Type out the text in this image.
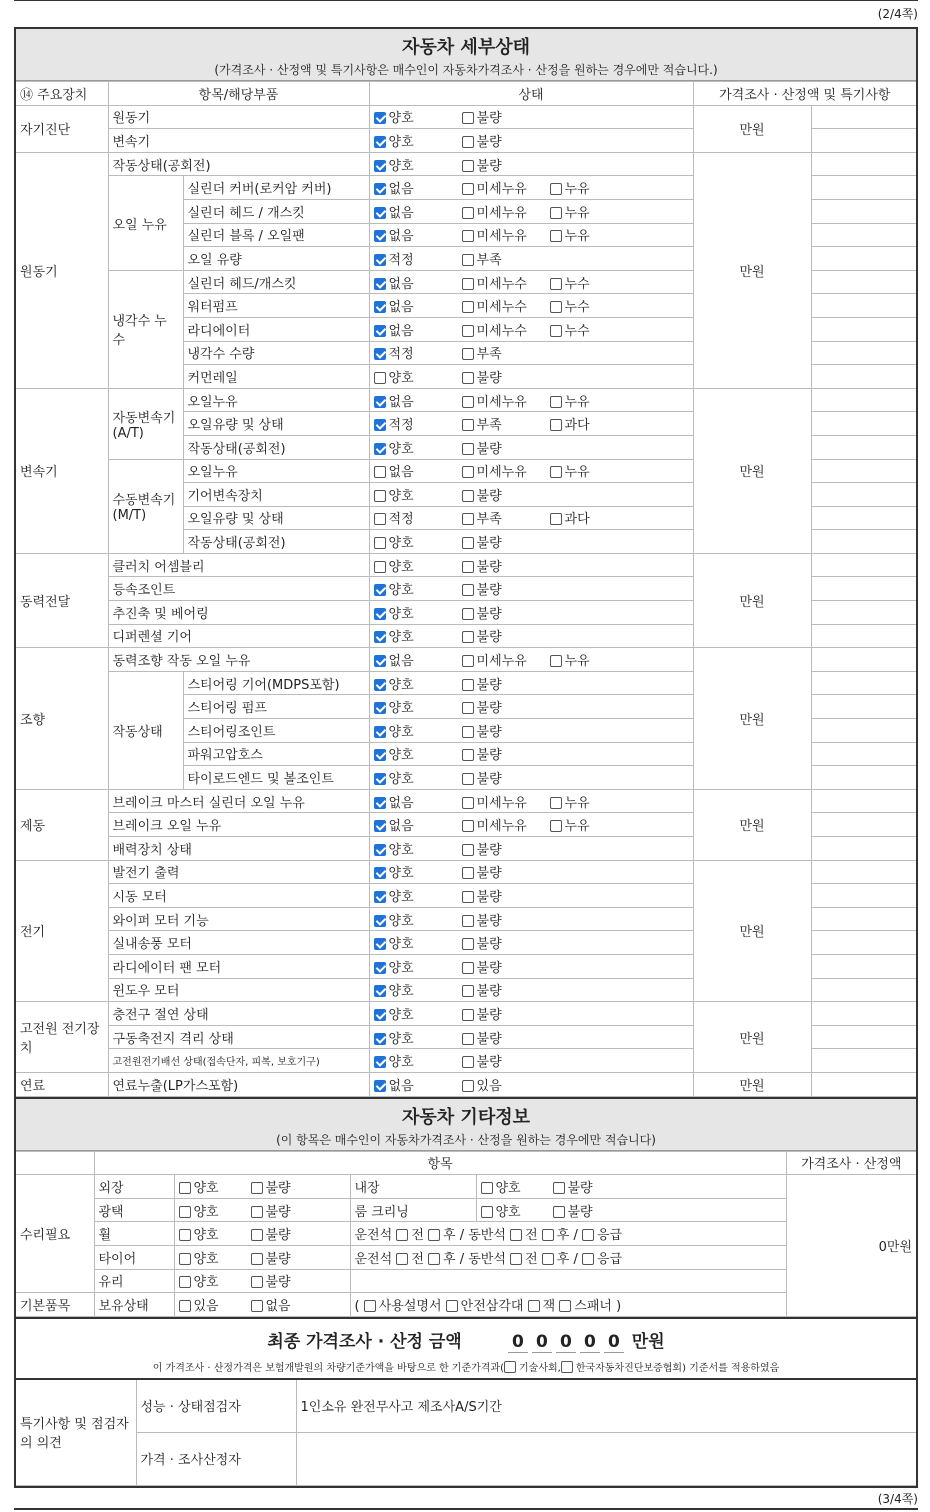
(2/4쪽)
자동차 세부상태
(가격조사 · 산정액 및 특기사항은 매수인이 자동차가격조사 · 산정을 원하는 경우에만 적습니다.)
⑭ 주요장치	항목/해당부품		상태	가격조사 · 산정액 및 특기사항	
자기진단	원동기		양호 불량	만원	
	변속기		양호 불량		
원동기	작동상태(공회전)		양호 불량	만원	
	오일 누유	실린더 커버(로커암 커버)	없음 미세누유 누유		
		실린더 헤드 / 개스킷	없음 미세누유 누유		
		실린더 블록 / 오일팬	없음 미세누유 누유		
		오일 유량	적정 부족		
	냉각수 누수	실린더 헤드/개스킷	없음 미세누수 누수		
		워터펌프	없음 미세누수 누수		
		라디에이터	없음 미세누수 누수		
		냉각수 수량	적정 부족		
		커먼레일	양호 불량		
변속기	자동변속기 (A/T)	오일누유	없음 미세누유 누유	만원	
		오일유량 및 상태	적정 부족 과다		
		작동상태(공회전)	양호 불량		
	수동변속기 (M/T)	오일누유	없음 미세누유 누유		
		기어변속장치	양호 불량		
		오일유량 및 상태	적정 부족 과다		
		작동상태(공회전)	양호 불량		
동력전달	클러치 어셈블리		양호 불량	만원	
	등속조인트		양호 불량		
	추진축 및 베어링		양호 불량		
	디퍼렌셜 기어		양호 불량		
조향	동력조향 작동 오일 누유		없음 미세누유 누유	만원	
	작동상태	스티어링 기어(MDPS포함)	양호 불량		
		스티어링 펌프	양호 불량		
		스티어링조인트	양호 불량		
		파워고압호스	양호 불량		
		타이로드엔드 및 볼조인트	양호 불량		
제동	브레이크 마스터 실린더 오일 누유		없음 미세누유 누유	만원	
	브레이크 오일 누유		없음 미세누유 누유		
	배력장치 상태		양호 불량		
전기	발전기 출력		양호 불량	만원	
	시동 모터		양호 불량		
	와이퍼 모터 기능		양호 불량		
	실내송풍 모터		양호 불량		
	라디에이터 팬 모터		양호 불량		
	윈도우 모터		양호 불량		
고전원 전기장치	충전구 절연 상태		양호 불량	만원	
	구동축전지 격리 상태		양호 불량		
	고전원전기배선 상태(접속단자, 피복, 보호기구)		양호 불량		
연료	연료누출(LP가스포함)		없음 있음	만원	
자동차 기타정보
(이 항목은 매수인이 자동차가격조사 · 산정을 원하는 경우에만 적습니다)
	항목				가격조사 · 산정액
수리필요	외장	양호 불량	내장	양호 불량	0만원
	광택	양호 불량	룸 크리닝	양호 불량	
	휠	양호 불량	운전석 전 후 / 동반석 전 후 / 응급		
	타이어	양호 불량	운전석 전 후 / 동반석 전 후 / 응급		
	유리	양호 불량			
기본품목	보유상태	있음 없음	( 사용설명서 안전삼각대 잭 스패너 )		
최종 가격조사 · 산정 금액	0 0 0 0 0 만원
이 가격조사 · 산정가격은 보험개발원의 차량기준가액을 바탕으로 한 기준가격과( 기술사회, 한국자동차진단보증협회) 기준서를 적용하였음
특기사항 및 점검자의 의견	성능 · 상태점검자	1인소유 완전무사고 제조사A/S기간
	가격 · 조사산정자	
(3/4쪽)
